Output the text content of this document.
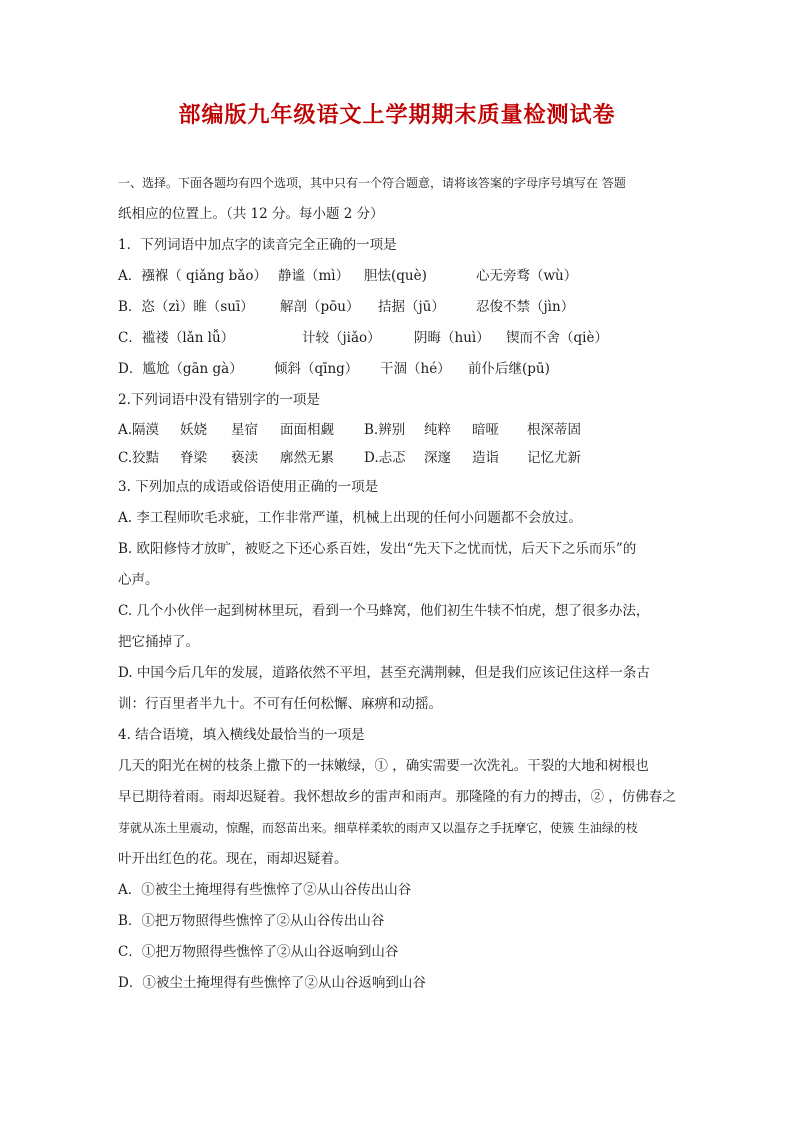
部编版九年级语文上学期期末质量检测试卷
一、选择。下面各题均有四个选项，其中只有一个符合题意，请将该答案的字母序号填写在 答题
纸相应的位置上。（共 12 分。每小题 2 分）
1．下列词语中加点字的读音完全正确的一项是
A．襁褓（ qiǎng bǎo） 静谧（mì）	胆怯(què)	心无旁骛（wù）
B．恣（zì）睢（suī）	解剖（pōu）	拮据（jū）	忍俊不禁（jìn）
C．褴褛（lǎn lǚ）	计较（jiǎo）	阴晦（huì）	锲而不舍（qiè）
D．尴尬（gān gà）	倾斜（qīng）	干涸（hé）	前仆后继(pū)
2.下列词语中没有错别字的一项是
A.隔漠	妖娆	星宿	面面相觑	B.辨别	纯粹	暗哑	根深蒂固
C.狡黠	脊梁	亵渎	廓然无累	D.忐忑	深邃	造诣	记忆尤新
3. 下列加点的成语或俗语使用正确的一项是
A. 李工程师吹毛求疵，工作非常严谨，机械上出现的任何小问题都不会放过。
B. 欧阳修恃才放旷，被贬之下还心系百姓，发出“先天下之忧而忧，后天下之乐而乐”的
心声。
C. 几个小伙伴一起到树林里玩，看到一个马蜂窝，他们初生牛犊不怕虎，想了很多办法，
把它捅掉了。
D. 中国今后几年的发展，道路依然不平坦，甚至充满荆棘，但是我们应该记住这样一条古
训：行百里者半九十。不可有任何松懈、麻痹和动摇。
4. 结合语境，填入横线处最恰当的一项是
几天的阳光在树的枝条上撒下的一抹嫩绿，① ，确实需要一次洗礼。干裂的大地和树根也
早已期待着雨。雨却迟疑着。我怀想故乡的雷声和雨声。那隆隆的有力的搏击，② ，仿佛春之
芽就从冻土里震动，惊醒，而怒苗出来。细草样柔软的雨声又以温存之手抚摩它，使簇 生油绿的枝
叶开出红色的花。现在，雨却迟疑着。
A．①被尘土掩埋得有些憔悴了②从山谷传出山谷
B．①把万物照得些憔悴了②从山谷传出山谷
C．①把万物照得些憔悴了②从山谷返响到山谷
D．①被尘土掩埋得有些憔悴了②从山谷返响到山谷
